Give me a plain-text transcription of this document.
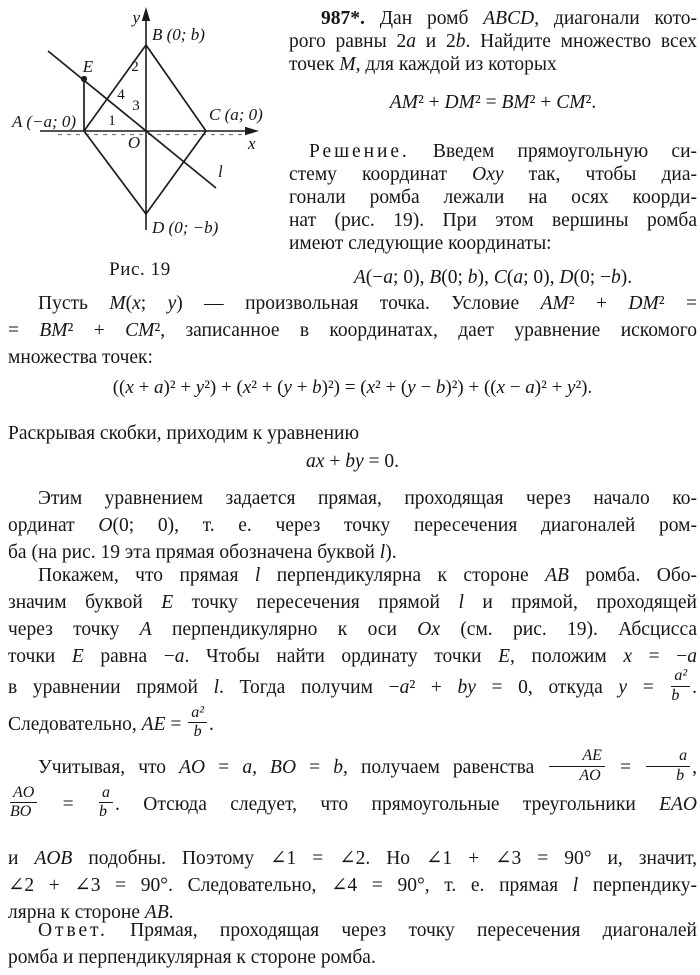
y
x
O
A (−a; 0)
B (0; b)
C (a; 0)
D (0; −b)
E
l
1
2
3
4
Рис. 19
987*. Дан ромб ABCD, диагонали кото-
рого равны 2a и 2b. Найдите множество всех
точек M, для каждой из которых
AM² + DM² = BM² + CM².
Решение. Введем прямоугольную си-
стему координат Oxy так, чтобы диа-
гонали ромба лежали на осях коорди-
нат (рис. 19). При этом вершины ромба
имеют следующие координаты:
A(−a; 0), B(0; b), C(a; 0), D(0; −b).
Пусть M(x; y) — произвольная точка. Условие AM² + DM² =
= BM² + CM², записанное в координатах, дает уравнение искомого
множества точек:
((x + a)² + y²) + (x² + (y + b)²) = (x² + (y − b)²) + ((x − a)² + y²).
Раскрывая скобки, приходим к уравнению
ax + by = 0.
Этим уравнением задается прямая, проходящая через начало ко-
ординат O(0; 0), т. е. через точку пересечения диагоналей ром-
ба (на рис. 19 эта прямая обозначена буквой l).
Покажем, что прямая l перпендикулярна к стороне AB ромба. Обо-
значим буквой E точку пересечения прямой l и прямой, проходящей
через точку A перпендикулярно к оси Ox (см. рис. 19). Абсцисса
точки E равна −a. Чтобы найти ординату точки E, положим x = −a
в уравнении прямой l. Тогда получим −a² + by = 0, откуда $y = \frac{\text{a²}}{b}$ .
Следовательно, AE = $\frac{\text{a²}}{b}$ .
Учитывая, что AO = a, BO = b, получаем равенства $\frac{AE}{AO} = \frac{a}{b}$ ,
$\frac{AO}{BO} = \frac{a}{b}$ . Отсюда следует, что прямоугольные треугольники EAO
и AOB подобны. Поэтому ∠1 = ∠2. Но ∠1 + ∠3 = 90° и, значит,
∠2 + ∠3 = 90°. Следовательно, ∠4 = 90°, т. е. прямая l перпендику-
лярна к стороне AB.
Ответ. Прямая, проходящая через точку пересечения диагоналей
ромба и перпендикулярная к стороне ромба.
